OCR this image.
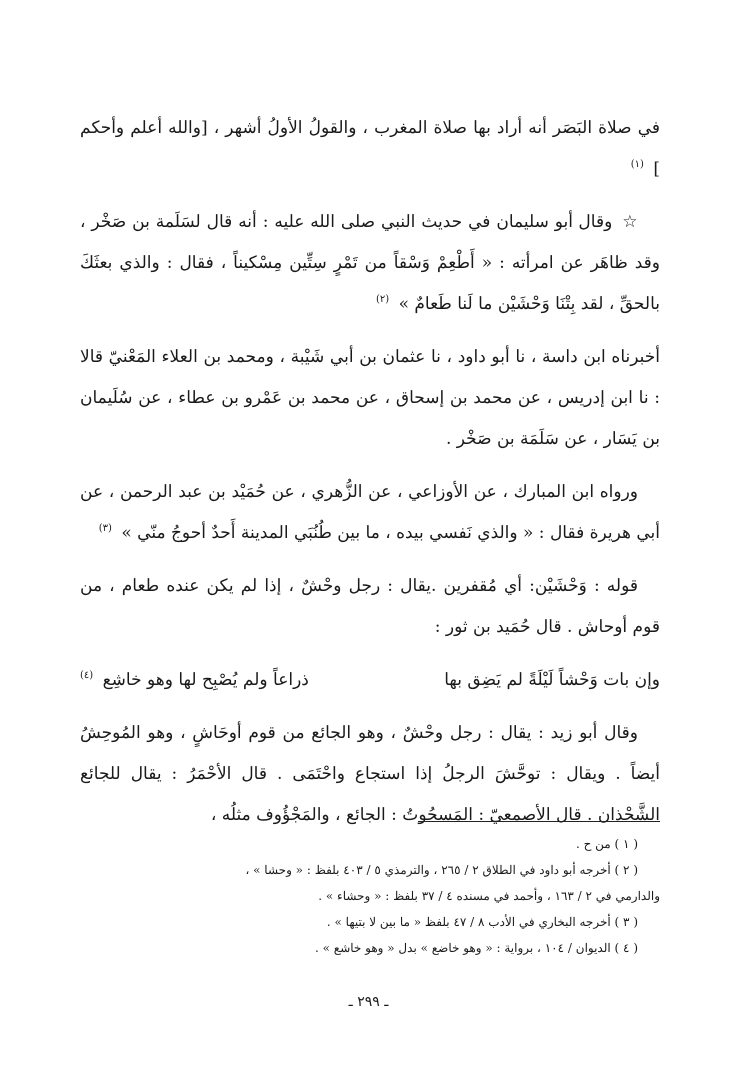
في صلاة البَصَر أنه أراد بها صلاة المغرب ، والقولُ الأولُ أشهر ، [والله أعلم وأحكم ] $^{(١)}$

☆ وقال أبو سليمان في حديث النبي صلى الله عليه : أنه قال لسَلَمة بن صَخْر ، وقد ظاهَر عن امرأته : « أَطْعِمْ وَسْقاً من تَمْرٍ سِتِّين مِسْكيناً ، فقال : والذي بعثَكَ بالحقِّ ، لقد بِتْنَا وَحْشَيْن ما لَنا طَعامٌ » $^{(٢)}$

أخبرناه ابن داسة ، نا أبو داود ، نا عثمان بن أبي شَيْبة ، ومحمد بن العلاء المَعْنيّ قالا : نا ابن إدريس ، عن محمد بن إسحاق ، عن محمد بن عَمْرو بن عطاء ، عن سُلَيمان بن يَسَار ، عن سَلَمَة بن صَخْر .

ورواه ابن المبارك ، عن الأوزاعي ، عن الزُّهري ، عن حُمَيْد بن عبد الرحمن ، عن أبي هريرة فقال : « والذي نَفسي بيده ، ما بين طُنُبَي المدينة أَحدٌ أحوجُ منّي » $^{(٣)}$

قوله : وَحْشَيْن: أي مُقفرين .يقال : رجل وحْشٌ ، إذا لم يكن عنده طعام ، من قوم أوحاش . قال حُمَيد بن ثور :

وإن بات وَحْشاً لَيْلَةً لم يَضِق بها
ذراعاً ولم يُصْبِح لها وهو خاشِع $^{(٤)}$

وقال أبو زيد : يقال : رجل وحْشٌ ، وهو الجائع من قوم أوحَاشٍ ، وهو المُوحِشُ أيضاً . ويقال : توحَّشَ الرجلُ إذا استجاع واحْتَمَى . قال الأحْمَرُ : يقال للجائع الشَّحْذان . قال الأصمعيّ : المَسحُوتُ : الجائع ، والمَجْؤُوف مثلُه ،

( ١ ) من ح .
( ٢ ) أخرجه أبو داود في الطلاق ٢ / ٢٦٥ ، والترمذي ٥ / ٤٠٣ بلفظ : « وحشا » ،
والدارمي في ٢ / ١٦٣ ، وأحمد في مسنده ٤ / ٣٧ بلفظ : « وحشاء » .
( ٣ ) أخرجه البخاري في الأدب ٨ / ٤٧ بلفظ « ما بين لا بتيها » .
( ٤ ) الديوان / ١٠٤ ، برواية : « وهو خاضع » بدل « وهو خاشع » .
ـ ٢٩٩ ـ
